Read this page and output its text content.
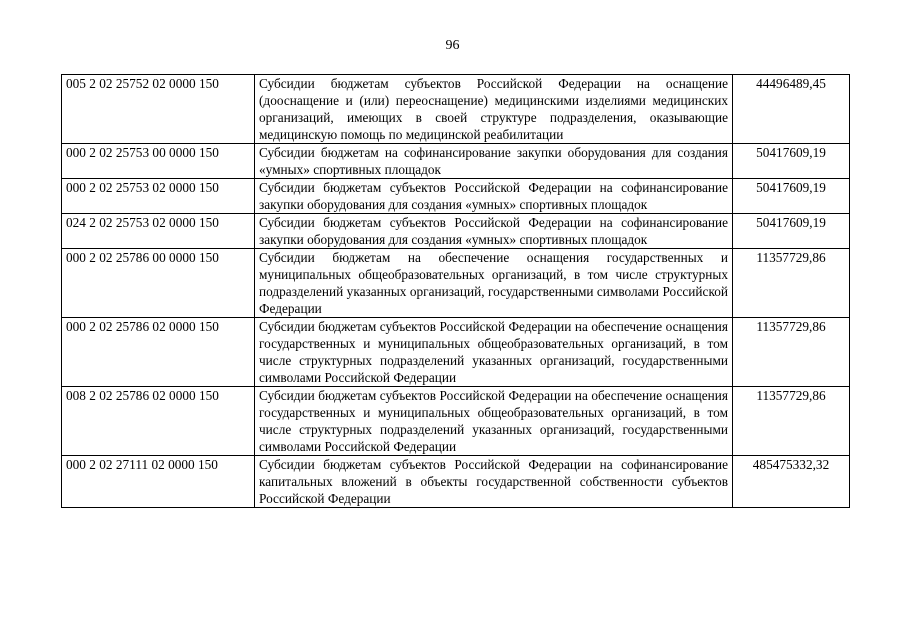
96
005 2 02 25752 02 0000 150	Субсидии бюджетам субъектов Российской Федерации на оснащение (дооснащение и (или) переоснащение) медицинскими изделиями медицинских организаций, имеющих в своей структуре подразделения, оказывающие медицинскую помощь по медицинской реабилитации	44496489,45
000 2 02 25753 00 0000 150	Субсидии бюджетам на софинансирование закупки оборудования для создания «умных» спортивных площадок	50417609,19
000 2 02 25753 02 0000 150	Субсидии бюджетам субъектов Российской Федерации на софинансирование закупки оборудования для создания «умных» спортивных площадок	50417609,19
024 2 02 25753 02 0000 150	Субсидии бюджетам субъектов Российской Федерации на софинансирование закупки оборудования для создания «умных» спортивных площадок	50417609,19
000 2 02 25786 00 0000 150	Субсидии бюджетам на обеспечение оснащения государственных и муниципальных общеобразовательных организаций, в том числе структурных подразделений указанных организаций, государственными символами Российской Федерации	11357729,86
000 2 02 25786 02 0000 150	Субсидии бюджетам субъектов Российской Федерации на обеспечение оснащения государственных и муниципальных общеобразовательных организаций, в том числе структурных подразделений указанных организаций, государственными символами Российской Федерации	11357729,86
008 2 02 25786 02 0000 150	Субсидии бюджетам субъектов Российской Федерации на обеспечение оснащения государственных и муниципальных общеобразовательных организаций, в том числе структурных подразделений указанных организаций, государственными символами Российской Федерации	11357729,86
000 2 02 27111 02 0000 150	Субсидии бюджетам субъектов Российской Федерации на софинансирование капитальных вложений в объекты государственной собственности субъектов Российской Федерации	485475332,32
